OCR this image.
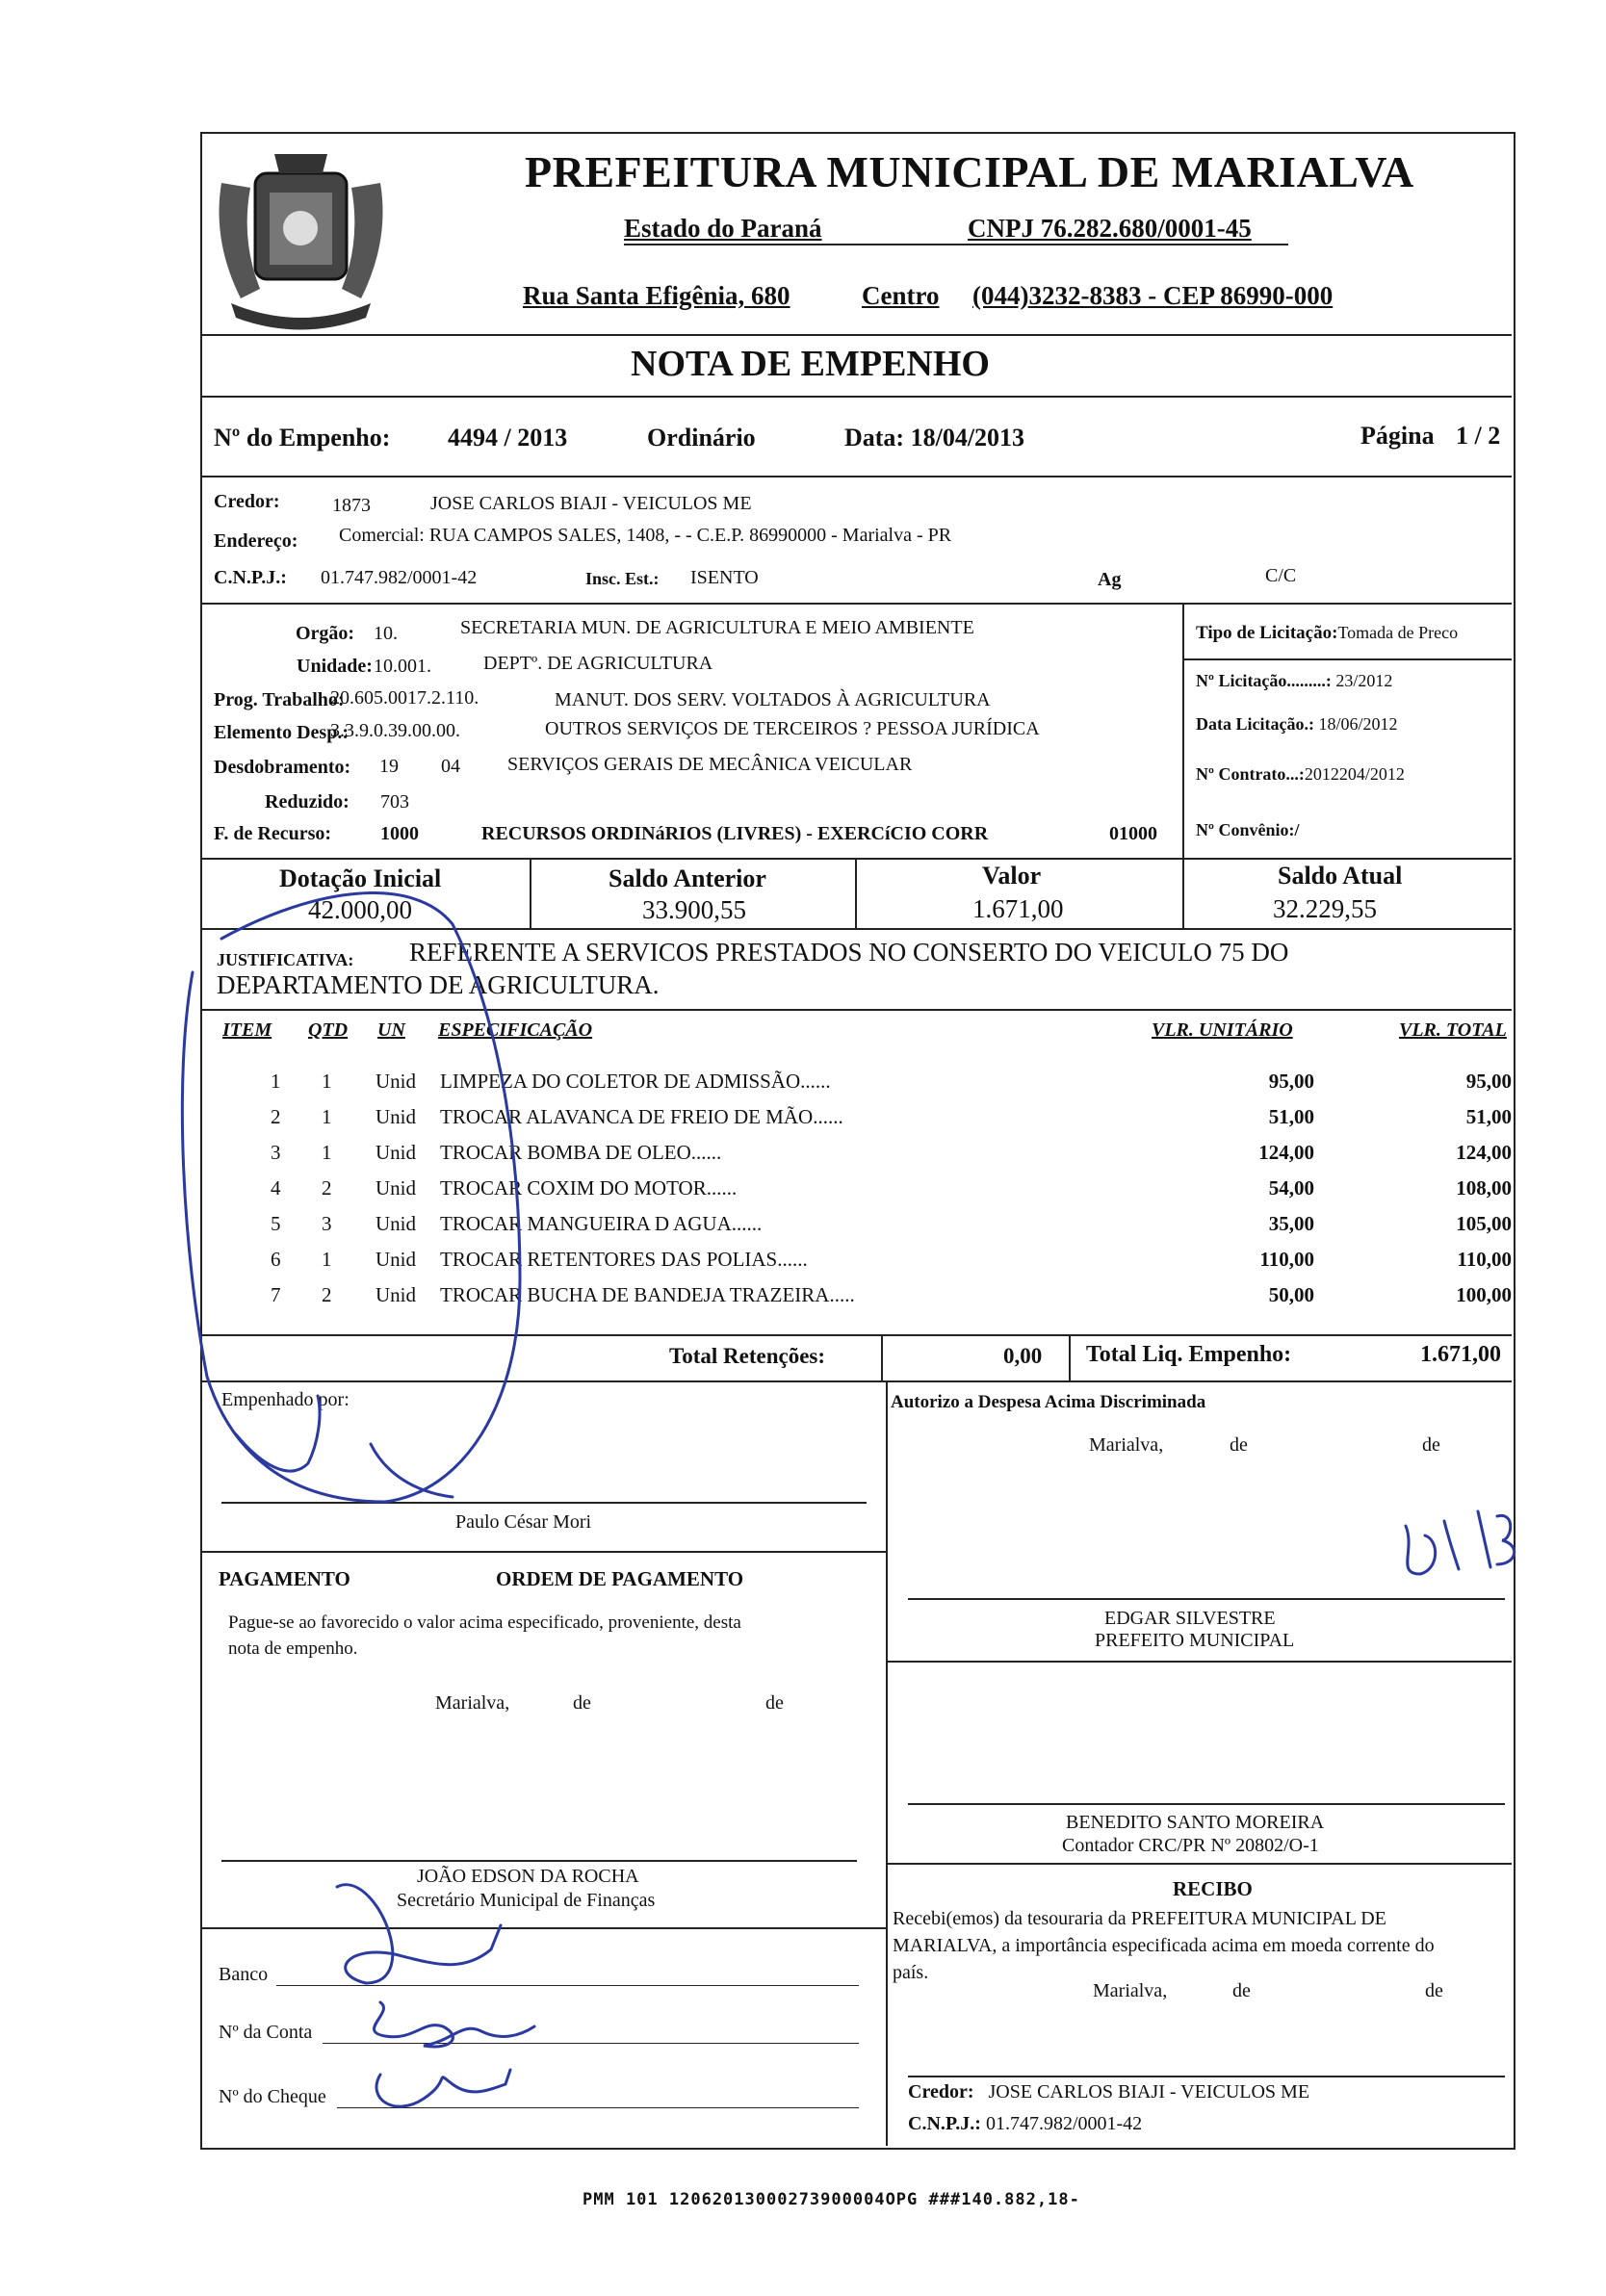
PREFEITURA MUNICIPAL DE MARIALVA
Estado do Paraná	CNPJ 76.282.680/0001-45
Rua Santa Efigênia, 680	Centro (044)3232-8383 - CEP 86990-000
NOTA DE EMPENHO
Nº do Empenho: 4494 / 2013	Ordinário	Data: 18/04/2013	Página 1 / 2
Credor:	1873	JOSE CARLOS BIAJI - VEICULOS ME
Endereço: Comercial: RUA CAMPOS SALES, 1408, - - C.E.P. 86990000 - Marialva - PR
C.N.P.J.: 01.747.982/0001-42	Insc. Est.: ISENTO	Ag	C/C
Orgão: 10.	SECRETARIA MUN. DE AGRICULTURA E MEIO AMBIENTE
Unidade: 10.001.	DEPTº. DE AGRICULTURA
Prog. Trabalho:
20.605.0017.2.110.	MANUT. DOS SERV. VOLTADOS À AGRICULTURA
Elemento Desp.:
3.3.9.0.39.00.00.	OUTROS SERVIÇOS DE TERCEIROS ? PESSOA JURÍDICA
Desdobramento: 19 04 SERVIÇOS GERAIS DE MECÂNICA VEICULAR
Reduzido: 703
F. de Recurso:	1000	RECURSOS ORDINáRIOS (LIVRES) - EXERCíCIO CORR	01000
Tipo de Licitação:Tomada de Preco
Nº Licitação.........: 23/2012
Data Licitação.: 18/06/2012
Nº Contrato...:2012204/2012
Nº Convênio:/
Dotação Inicial
42.000,00
Saldo Anterior
33.900,55
Valor
1.671,00
Saldo Atual
32.229,55
JUSTIFICATIVA: REFERENTE A SERVICOS PRESTADOS NO CONSERTO DO VEICULO 75 DO
DEPARTAMENTO DE AGRICULTURA.
ITEM QTD UN ESPECIFICAÇÃO	VLR. UNITÁRIO	VLR. TOTAL
1 1 Unid LIMPEZA DO COLETOR DE ADMISSÃO......	95,00	95,00
2 1 Unid TROCAR ALAVANCA DE FREIO DE MÃO......	51,00	51,00
3 1 Unid TROCAR BOMBA DE OLEO......	124,00	124,00
4 2 Unid TROCAR COXIM DO MOTOR......	54,00	108,00
5 3 Unid TROCAR MANGUEIRA D AGUA......	35,00	105,00
6 1 Unid TROCAR RETENTORES DAS POLIAS......	110,00	110,00
7 2 Unid TROCAR BUCHA DE BANDEJA TRAZEIRA.....	50,00	100,00
Total Retenções:	0,00 Total Liq. Empenho:	1.671,00
Empenhado por:
Paulo César Mori
PAGAMENTO	ORDEM DE PAGAMENTO
Pague-se ao favorecido o valor acima especificado, proveniente, desta
nota de empenho.
Marialva,	de	de
JOÃO EDSON DA ROCHA
Secretário Municipal de Finanças
Banco
Nº da Conta
Nº do Cheque
Autorizo a Despesa Acima Discriminada
Marialva,	de	de
EDGAR SILVESTRE
PREFEITO MUNICIPAL
BENEDITO SANTO MOREIRA
Contador CRC/PR Nº 20802/O-1
RECIBO
Recebi(emos) da tesouraria da PREFEITURA MUNICIPAL DE
MARIALVA, a importância especificada acima em moeda corrente do
país.
Marialva,	de	de
Credor: JOSE CARLOS BIAJI - VEICULOS ME
C.N.P.J.: 01.747.982/0001-42
PMM 101 12062013000273900004OPG ###140.882,18-
